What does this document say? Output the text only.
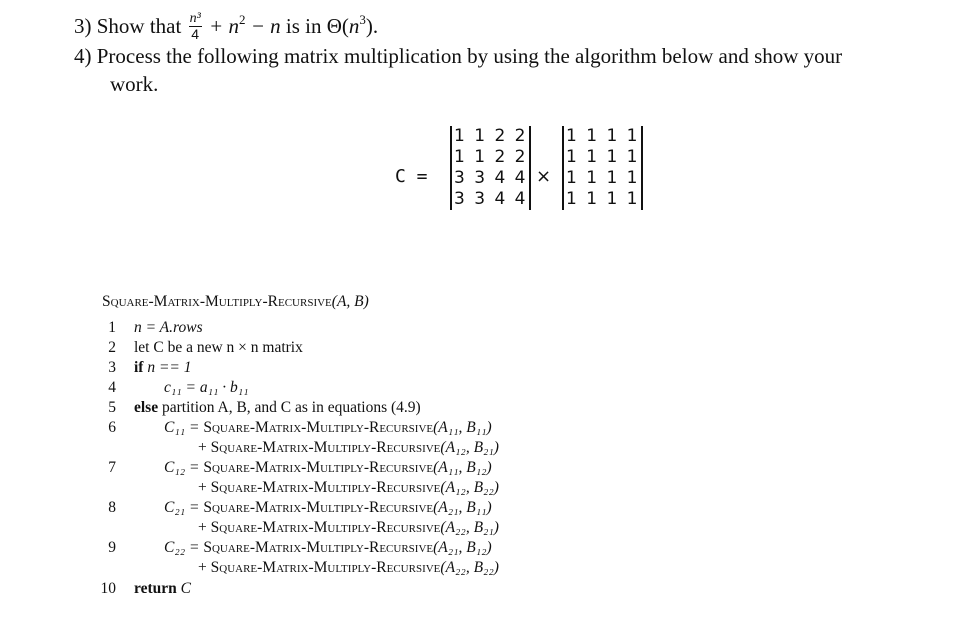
3) Show that $\frac{\text{n³}}{4} + n^2 - n$ is in $\Theta(n^3)$.
4) Process the following matrix multiplication by using the algorithm below and show your
work.
C =
1 1 2 2
1 1 2 2
3 3 4 4
3 3 4 4
×
1 1 1 1
1 1 1 1
1 1 1 1
1 1 1 1
Square-Matrix-Multiply-Recursive(A, B)
1 n = A.rows
2 let C be a new n × n matrix
3 if n == 1
4	c₁₁ = a₁₁ · b₁₁
5 else partition A, B, and C as in equations (4.9)
6	C₁₁ = Square-Matrix-Multiply-Recursive(A₁₁, B₁₁)
+ Square-Matrix-Multiply-Recursive(A₁₂, B₂₁)
7	C₁₂ = Square-Matrix-Multiply-Recursive(A₁₁, B₁₂)
+ Square-Matrix-Multiply-Recursive(A₁₂, B₂₂)
8	C₂₁ = Square-Matrix-Multiply-Recursive(A₂₁, B₁₁)
+ Square-Matrix-Multiply-Recursive(A₂₂, B₂₁)
9	C₂₂ = Square-Matrix-Multiply-Recursive(A₂₁, B₁₂)
+ Square-Matrix-Multiply-Recursive(A₂₂, B₂₂)
10 return C
